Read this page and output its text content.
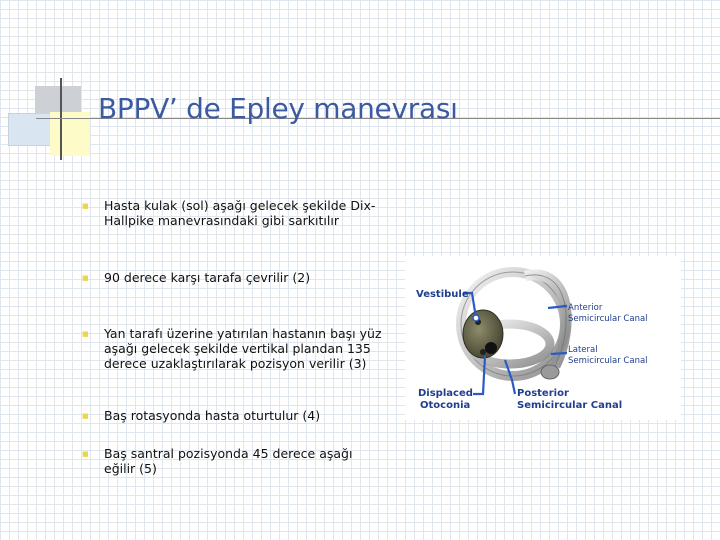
BPPV’ de Epley manevrası
■	Hasta kulak (sol) aşağı gelecek şekilde Dix-Hallpike manevrasındaki gibi sarkıtılır
■	90 derece karşı tarafa çevrilir (2)
■	Yan tarafı üzerine yatırılan hastanın başı yüz aşağı gelecek şekilde vertikal plandan 135 derece uzaklaştırılarak pozisyon verilir (3)
■	Baş rotasyonda hasta oturtulur (4)
■	Baş santral pozisyonda 45 derece aşağı eğilir (5)
Vestibule
Anterior
Semicircular Canal
Lateral
Semicircular Canal
Displaced
Otoconia
Posterior
Semicircular Canal
